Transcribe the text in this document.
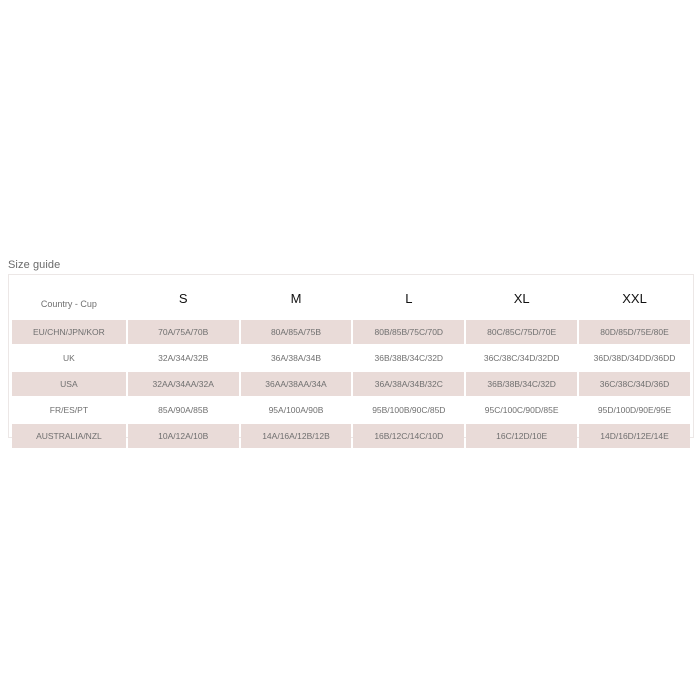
Size guide
Country - Cup	S	M	L	XL	XXL
EU/CHN/JPN/KOR	70A/75A/70B	80A/85A/75B	80B/85B/75C/70D	80C/85C/75D/70E	80D/85D/75E/80E
UK	32A/34A/32B	36A/38A/34B	36B/38B/34C/32D	36C/38C/34D/32DD	36D/38D/34DD/36DD
USA	32AA/34AA/32A	36AA/38AA/34A	36A/38A/34B/32C	36B/38B/34C/32D	36C/38C/34D/36D
FR/ES/PT	85A/90A/85B	95A/100A/90B	95B/100B/90C/85D	95C/100C/90D/85E	95D/100D/90E/95E
AUSTRALIA/NZL	10A/12A/10B	14A/16A/12B/12B	16B/12C/14C/10D	16C/12D/10E	14D/16D/12E/14E
